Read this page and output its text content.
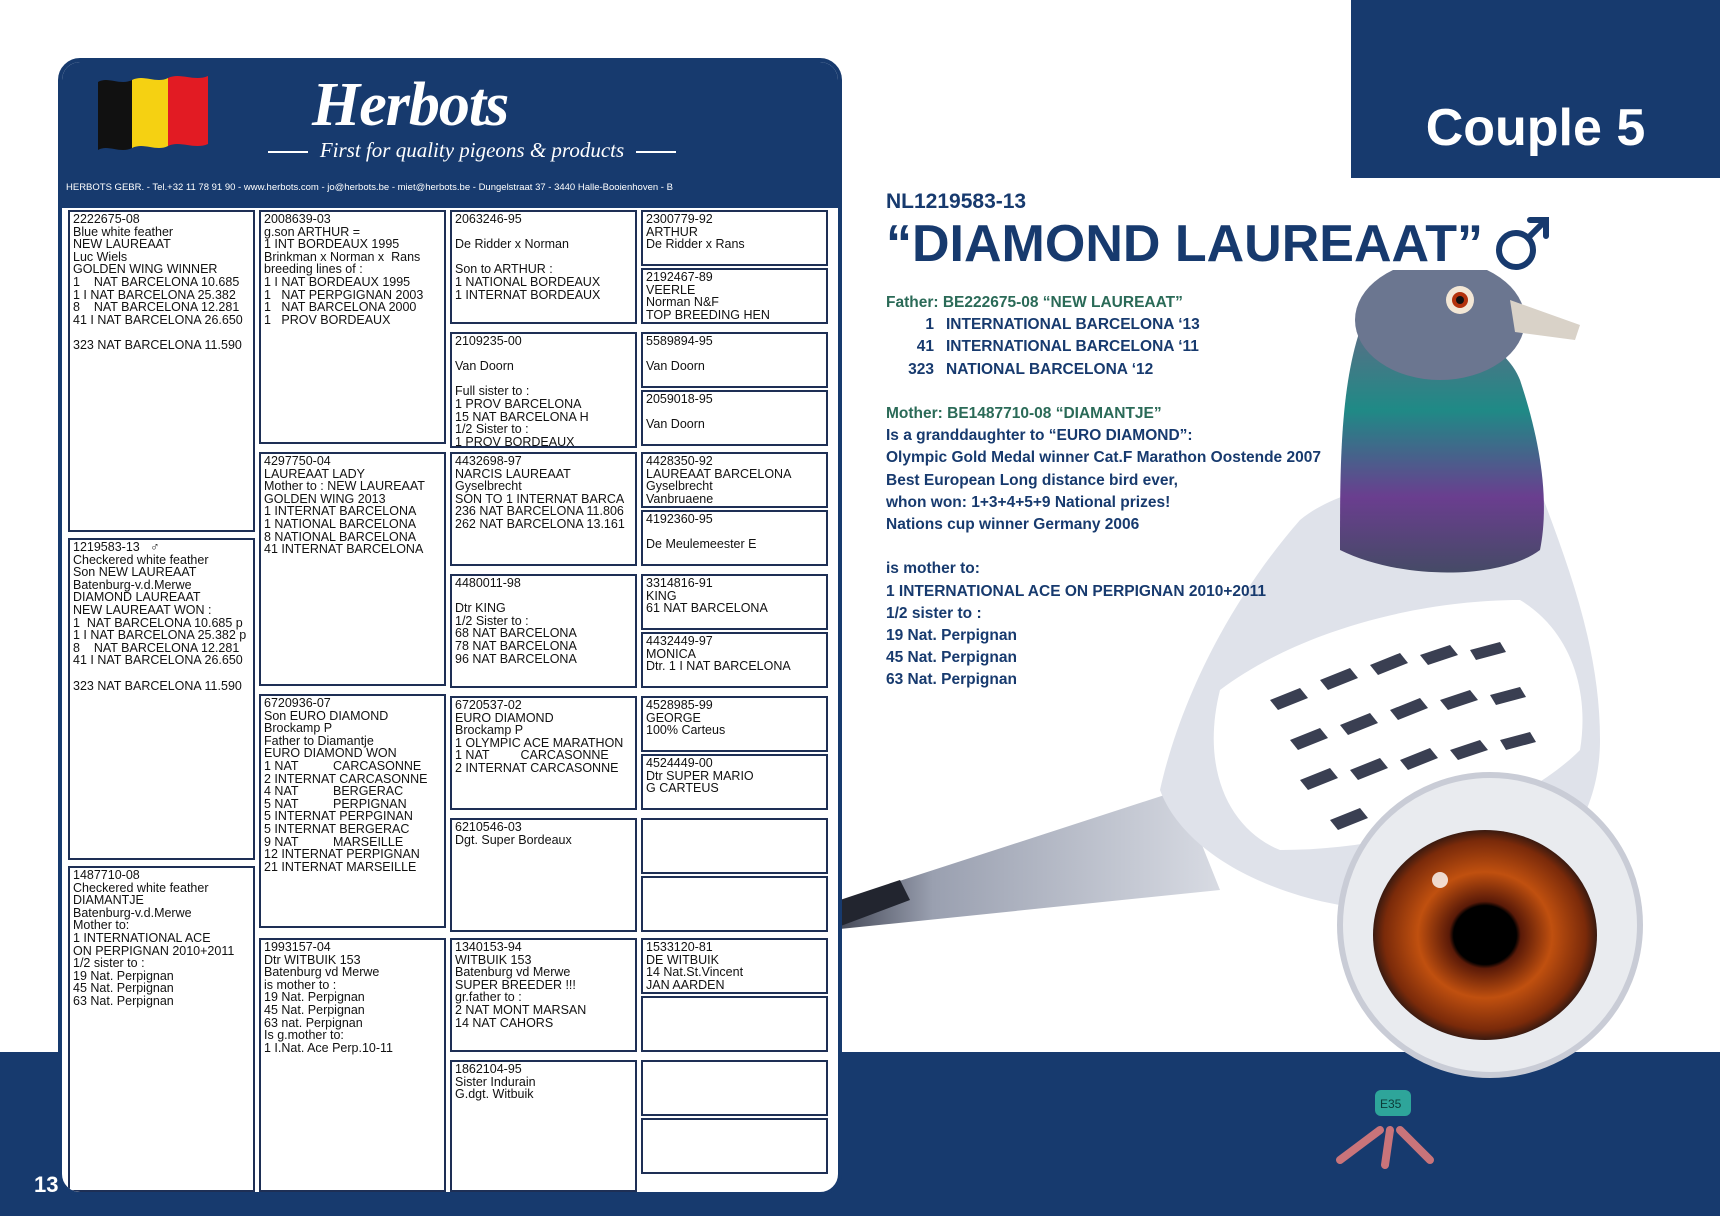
13
Couple 5
E35
Herbots
First for quality pigeons & products
HERBOTS GEBR. - Tel.+32 11 78 91 90 - www.herbots.com - jo@herbots.be - miet@herbots.be - Dungelstraat 37 - 3440 Halle-Booienhoven - B
2222675-08
Blue white feather
NEW LAUREAAT
Luc Wiels
GOLDEN WING WINNER
1    NAT BARCELONA 10.685
1 I NAT BARCELONA 25.382
8    NAT BARCELONA 12.281
41 I NAT BARCELONA 26.650

323 NAT BARCELONA 11.590
1219583-13   ♂
Checkered white feather
Son NEW LAUREAAT
Batenburg-v.d.Merwe
DIAMOND LAUREAAT
NEW LAUREAAT WON :
1  NAT BARCELONA 10.685 p
1 I NAT BARCELONA 25.382 p
8    NAT BARCELONA 12.281
41 I NAT BARCELONA 26.650

323 NAT BARCELONA 11.590
1487710-08
Checkered white feather
DIAMANTJE
Batenburg-v.d.Merwe
Mother to:
1 INTERNATIONAL ACE
ON PERPIGNAN 2010+2011
1/2 sister to :
19 Nat. Perpignan
45 Nat. Perpignan
63 Nat. Perpignan
2008639-03
g.son ARTHUR =
1 INT BORDEAUX 1995
Brinkman x Norman x  Rans
breeding lines of :
1 I NAT BORDEAUX 1995
1   NAT PERPGIGNAN 2003
1   NAT BARCELONA 2000
1   PROV BORDEAUX
4297750-04
LAUREAAT LADY
Mother to : NEW LAUREAAT
GOLDEN WING 2013
1 INTERNAT BARCELONA
1 NATIONAL BARCELONA
8 NATIONAL BARCELONA
41 INTERNAT BARCELONA
6720936-07
Son EURO DIAMOND
Brockamp P
Father to Diamantje
EURO DIAMOND WON
1 NAT          CARCASONNE
2 INTERNAT CARCASONNE
4 NAT          BERGERAC
5 NAT          PERPIGNAN
5 INTERNAT PERPGINAN
5 INTERNAT BERGERAC
9 NAT          MARSEILLE
12 INTERNAT PERPIGNAN
21 INTERNAT MARSEILLE
1993157-04
Dtr WITBUIK 153
Batenburg vd Merwe
is mother to :
19 Nat. Perpignan
45 Nat. Perpignan
63 nat. Perpignan
Is g.mother to:
1 I.Nat. Ace Perp.10-11
2063246-95

De Ridder x Norman

Son to ARTHUR :
1 NATIONAL BORDEAUX
1 INTERNAT BORDEAUX
2109235-00

Van Doorn

Full sister to :
1 PROV BARCELONA
15 NAT BARCELONA H
1/2 Sister to :
1 PROV BORDEAUX
4432698-97
NARCIS LAUREAAT
Gyselbrecht
SON TO 1 INTERNAT BARCA
236 NAT BARCELONA 11.806
262 NAT BARCELONA 13.161
4480011-98

Dtr KING
1/2 Sister to :
68 NAT BARCELONA
78 NAT BARCELONA
96 NAT BARCELONA
6720537-02
EURO DIAMOND
Brockamp P
1 OLYMPIC ACE MARATHON
1 NAT         CARCASONNE
2 INTERNAT CARCASONNE
6210546-03
Dgt. Super Bordeaux
1340153-94
WITBUIK 153
Batenburg vd Merwe
SUPER BREEDER !!!
gr.father to :
2 NAT MONT MARSAN
14 NAT CAHORS
1862104-95
Sister Indurain
G.dgt. Witbuik
2300779-92
ARTHUR
De Ridder x Rans
2192467-89
VEERLE
Norman N&F
TOP BREEDING HEN
5589894-95

Van Doorn
2059018-95

Van Doorn
4428350-92
LAUREAAT BARCELONA
Gyselbrecht
Vanbruaene
4192360-95

De Meulemeester E
3314816-91
KING
61 NAT BARCELONA
4432449-97
MONICA
Dtr. 1 I NAT BARCELONA
4528985-99
GEORGE
100% Carteus
4524449-00
Dtr SUPER MARIO
G CARTEUS
1533120-81
DE WITBUIK
14 Nat.St.Vincent
JAN AARDEN
NL1219583-13
“DIAMOND LAUREAAT”
Father: BE222675-08 “NEW LAUREAAT”
1 INTERNATIONAL BARCELONA ‘13
41 INTERNATIONAL BARCELONA ‘11
323 NATIONAL BARCELONA ‘12

Mother: BE1487710-08 “DIAMANTJE”
Is a granddaughter to “EURO DIAMOND”:
Olympic Gold Medal winner Cat.F Marathon Oostende 2007
Best European Long distance bird ever,
whon won: 1+3+4+5+9 National prizes!
Nations cup winner Germany 2006

is mother to:
1 INTERNATIONAL ACE ON PERPIGNAN 2010+2011
1/2 sister to :
19 Nat. Perpignan
45 Nat. Perpignan
63 Nat. Perpignan
